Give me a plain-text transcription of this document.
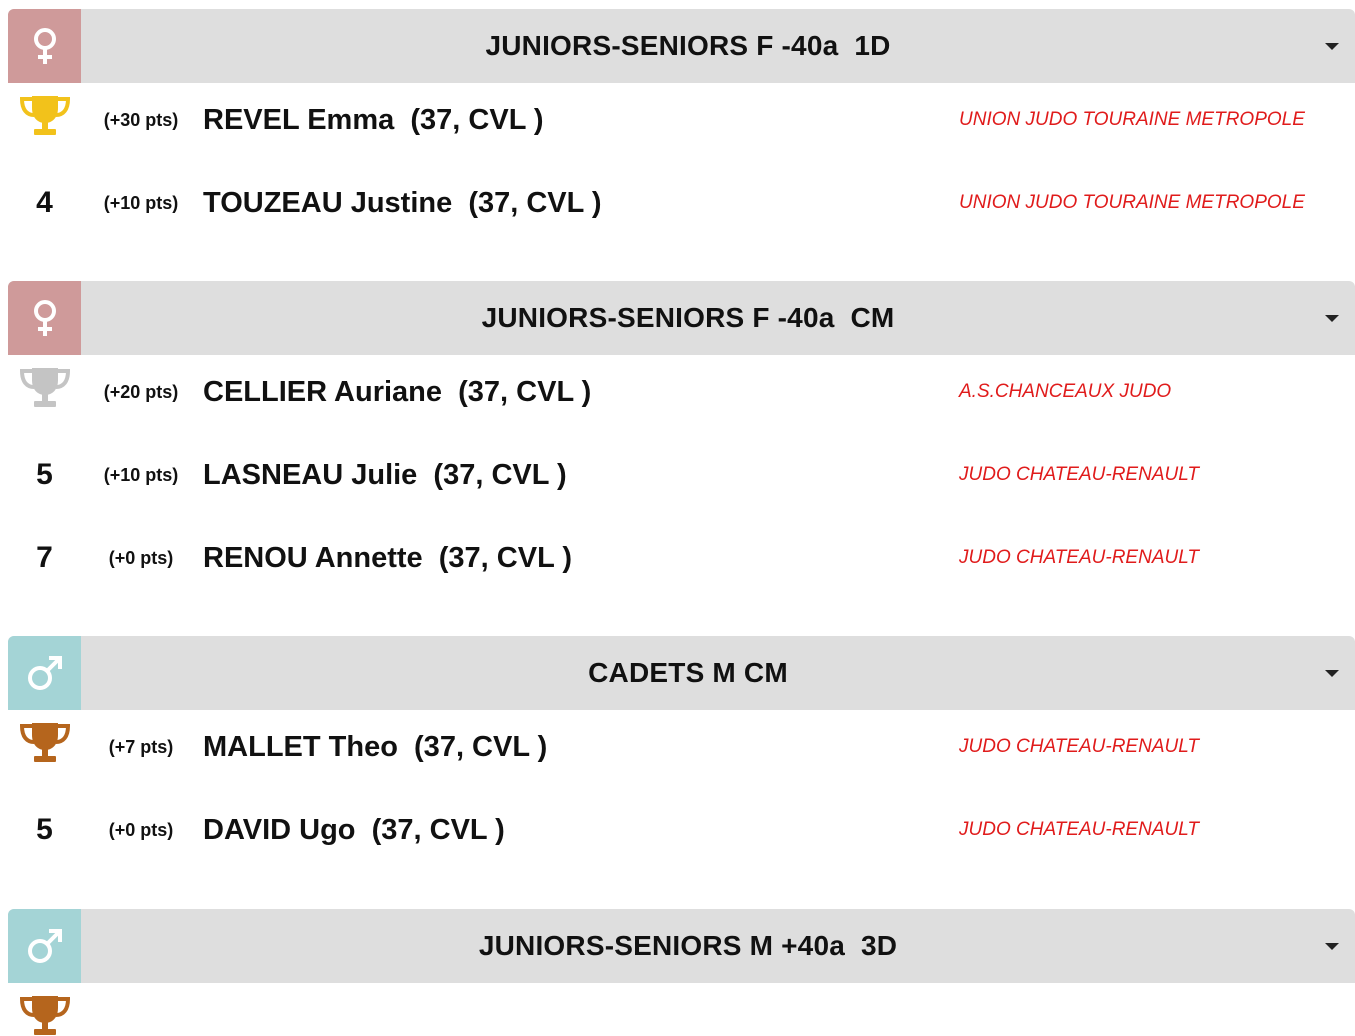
JUNIORS-SENIORS F -40a  1D
(+30 pts) REVEL Emma  (37, CVL )	UNION JUDO TOURAINE METROPOLE
4	(+10 pts) TOUZEAU Justine  (37, CVL )	UNION JUDO TOURAINE METROPOLE
JUNIORS-SENIORS F -40a  CM
(+20 pts) CELLIER Auriane  (37, CVL )	A.S.CHANCEAUX JUDO
5	(+10 pts) LASNEAU Julie  (37, CVL )	JUDO CHATEAU-RENAULT
7	(+0 pts)	RENOU Annette  (37, CVL )	JUDO CHATEAU-RENAULT
CADETS M CM
(+7 pts)	MALLET Theo  (37, CVL )	JUDO CHATEAU-RENAULT
5	(+0 pts)	DAVID Ugo  (37, CVL )	JUDO CHATEAU-RENAULT
JUNIORS-SENIORS M +40a  3D
